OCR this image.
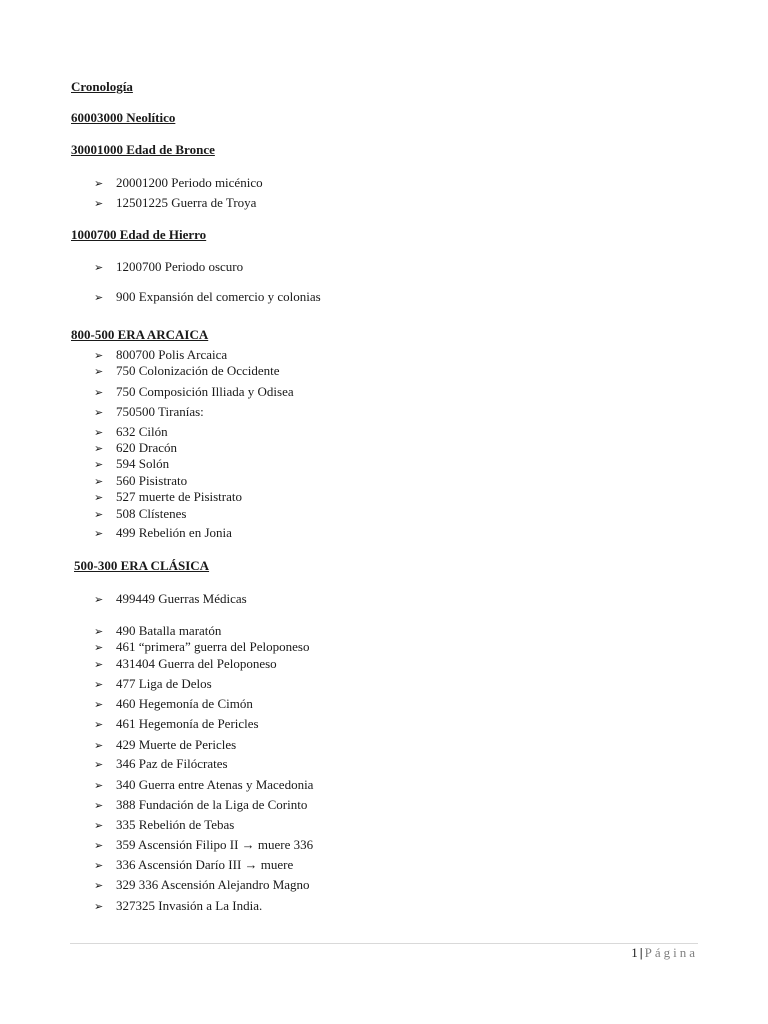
Cronología
60003000 Neolítico
30001000 Edad de Bronce
➢ 20001200 Periodo micénico
➢ 12501225 Guerra de Troya
1000700 Edad de Hierro
➢ 1200700 Periodo oscuro
➢ 900 Expansión del comercio y colonias
800-500 ERA ARCAICA
➢ 800700 Polis Arcaica
➢ 750 Colonización de Occidente
➢ 750 Composición Illiada y Odisea
➢ 750500 Tiranías:
➢ 632 Cilón
➢ 620 Dracón
➢ 594 Solón
➢ 560 Pisistrato
➢ 527 muerte de Pisistrato
➢ 508 Clístenes
➢ 499 Rebelión en Jonia
500-300 ERA CLÁSICA
➢ 499449 Guerras Médicas
➢ 490 Batalla maratón
➢ 461 “primera” guerra del Peloponeso
➢ 431404 Guerra del Peloponeso
➢ 477 Liga de Delos
➢ 460 Hegemonía de Cimón
➢ 461 Hegemonía de Pericles
➢ 429 Muerte de Pericles
➢ 346 Paz de Filócrates
➢ 340 Guerra entre Atenas y Macedonia
➢ 388 Fundación de la Liga de Corinto
➢ 335 Rebelión de Tebas
➢ 359 Ascensión Filipo II → muere 336
➢ 336 Ascensión Darío III → muere
➢ 329 336 Ascensión Alejandro Magno
➢ 327325 Invasión a La India.
1 | Página
